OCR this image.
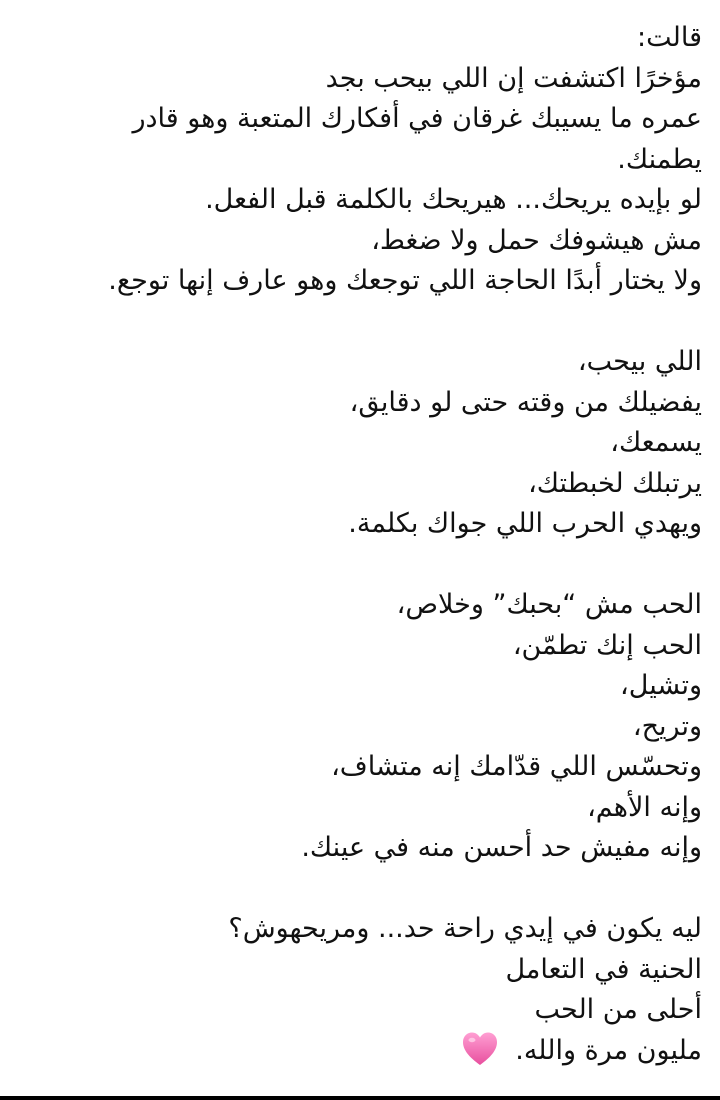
قالت:
مؤخرًا اكتشفت إن اللي بيحب بجد
عمره ما يسيبك غرقان في أفكارك المتعبة وهو قادر
يطمنك.
لو بإيده يريحك... هيريحك بالكلمة قبل الفعل.
مش هيشوفك حمل ولا ضغط،
ولا يختار أبدًا الحاجة اللي توجعك وهو عارف إنها توجع.
اللي بيحب،
يفضيلك من وقته حتى لو دقايق،
يسمعك،
يرتبلك لخبطتك،
ويهدي الحرب اللي جواك بكلمة.
الحب مش “بحبك” وخلاص،
الحب إنك تطمّن،
وتشيل،
وتريح،
وتحسّس اللي قدّامك إنه متشاف،
وإنه الأهم،
وإنه مفيش حد أحسن منه في عينك.
ليه يكون في إيدي راحة حد... ومريحهوش؟
الحنية في التعامل
أحلى من الحب
مليون مرة والله.
